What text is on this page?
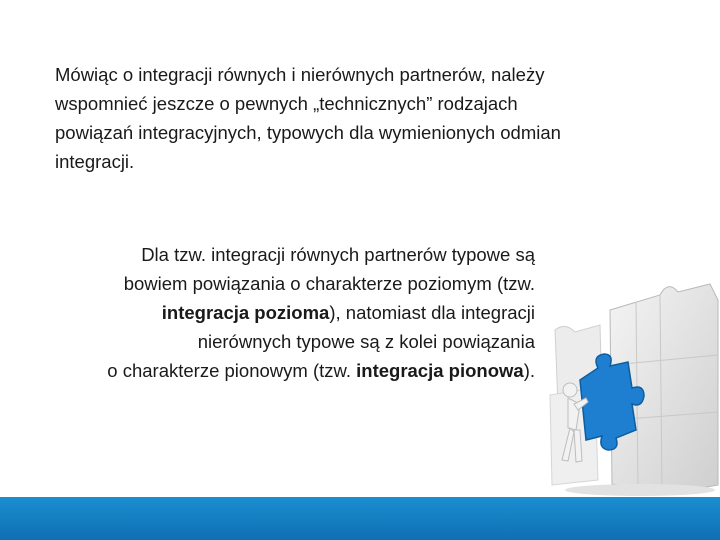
Mówiąc o integracji równych i nierównych partnerów, należy
wspomnieć jeszcze o pewnych „technicznych” rodzajach
powiązań integracyjnych, typowych dla wymienionych odmian
integracji.
Dla tzw. integracji równych partnerów typowe są
bowiem powiązania o charakterze poziomym (tzw.
integracja pozioma), natomiast dla integracji
nierównych typowe są z kolei powiązania
o charakterze pionowym (tzw. integracja pionowa).
